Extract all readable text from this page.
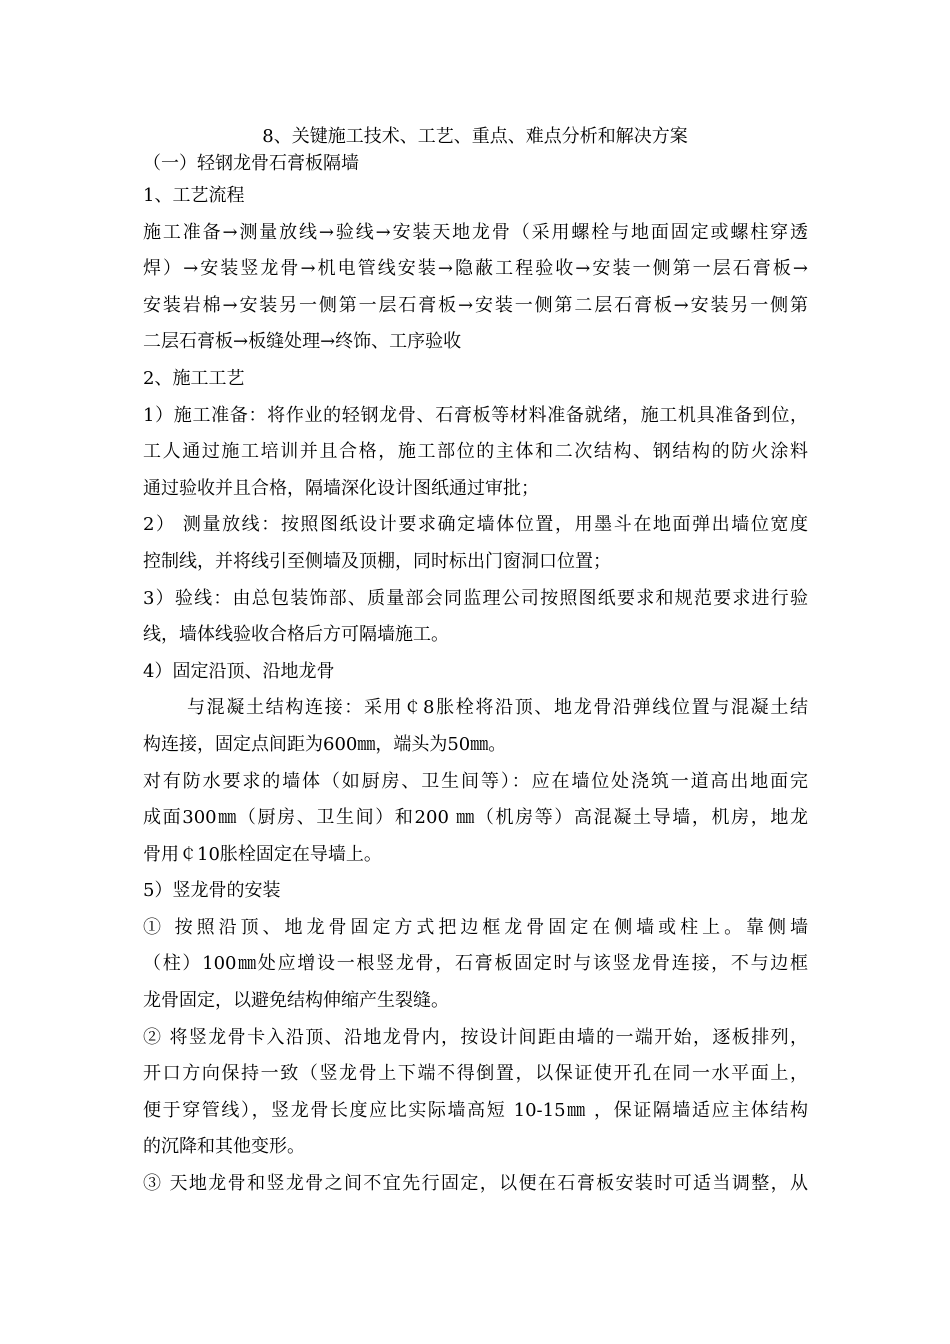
8、关键施工技术、工艺、重点、难点分析和解决方案
（一）轻钢龙骨石膏板隔墙
1、工艺流程
施工准备→测量放线→验线→安装天地龙骨（采用螺栓与地面固定或螺柱穿透
焊）→安装竖龙骨→机电管线安装→隐蔽工程验收→安装一侧第一层石膏板→
安装岩棉→安装另一侧第一层石膏板→安装一侧第二层石膏板→安装另一侧第
二层石膏板→板缝处理→终饰、工序验收
2、施工工艺
1）施工准备：将作业的轻钢龙骨、石膏板等材料准备就绪，施工机具准备到位，
工人通过施工培训并且合格，施工部位的主体和二次结构、钢结构的防火涂料
通过验收并且合格，隔墙深化设计图纸通过审批；
2） 测量放线：按照图纸设计要求确定墙体位置，用墨斗在地面弹出墙位宽度
控制线，并将线引至侧墙及顶棚，同时标出门窗洞口位置；
3）验线：由总包装饰部、质量部会同监理公司按照图纸要求和规范要求进行验
线，墙体线验收合格后方可隔墙施工。
4）固定沿顶、沿地龙骨
与混凝土结构连接：采用￠8胀栓将沿顶、地龙骨沿弹线位置与混凝土结
构连接，固定点间距为600㎜，端头为50㎜。
对有防水要求的墙体（如厨房、卫生间等）：应在墙位处浇筑一道高出地面完
成面300㎜（厨房、卫生间）和200 ㎜（机房等）高混凝土导墙，机房，地龙
骨用￠10胀栓固定在导墙上。
5）竖龙骨的安装
① 按照沿顶、地龙骨固定方式把边框龙骨固定在侧墙或柱上。靠侧墙
（柱）100㎜处应增设一根竖龙骨，石膏板固定时与该竖龙骨连接，不与边框
龙骨固定，以避免结构伸缩产生裂缝。
② 将竖龙骨卡入沿顶、沿地龙骨内，按设计间距由墙的一端开始，逐板排列，
开口方向保持一致（竖龙骨上下端不得倒置，以保证使开孔在同一水平面上，
便于穿管线），竖龙骨长度应比实际墙高短 10-15㎜ ，保证隔墙适应主体结构
的沉降和其他变形。
③ 天地龙骨和竖龙骨之间不宜先行固定，以便在石膏板安装时可适当调整，从
